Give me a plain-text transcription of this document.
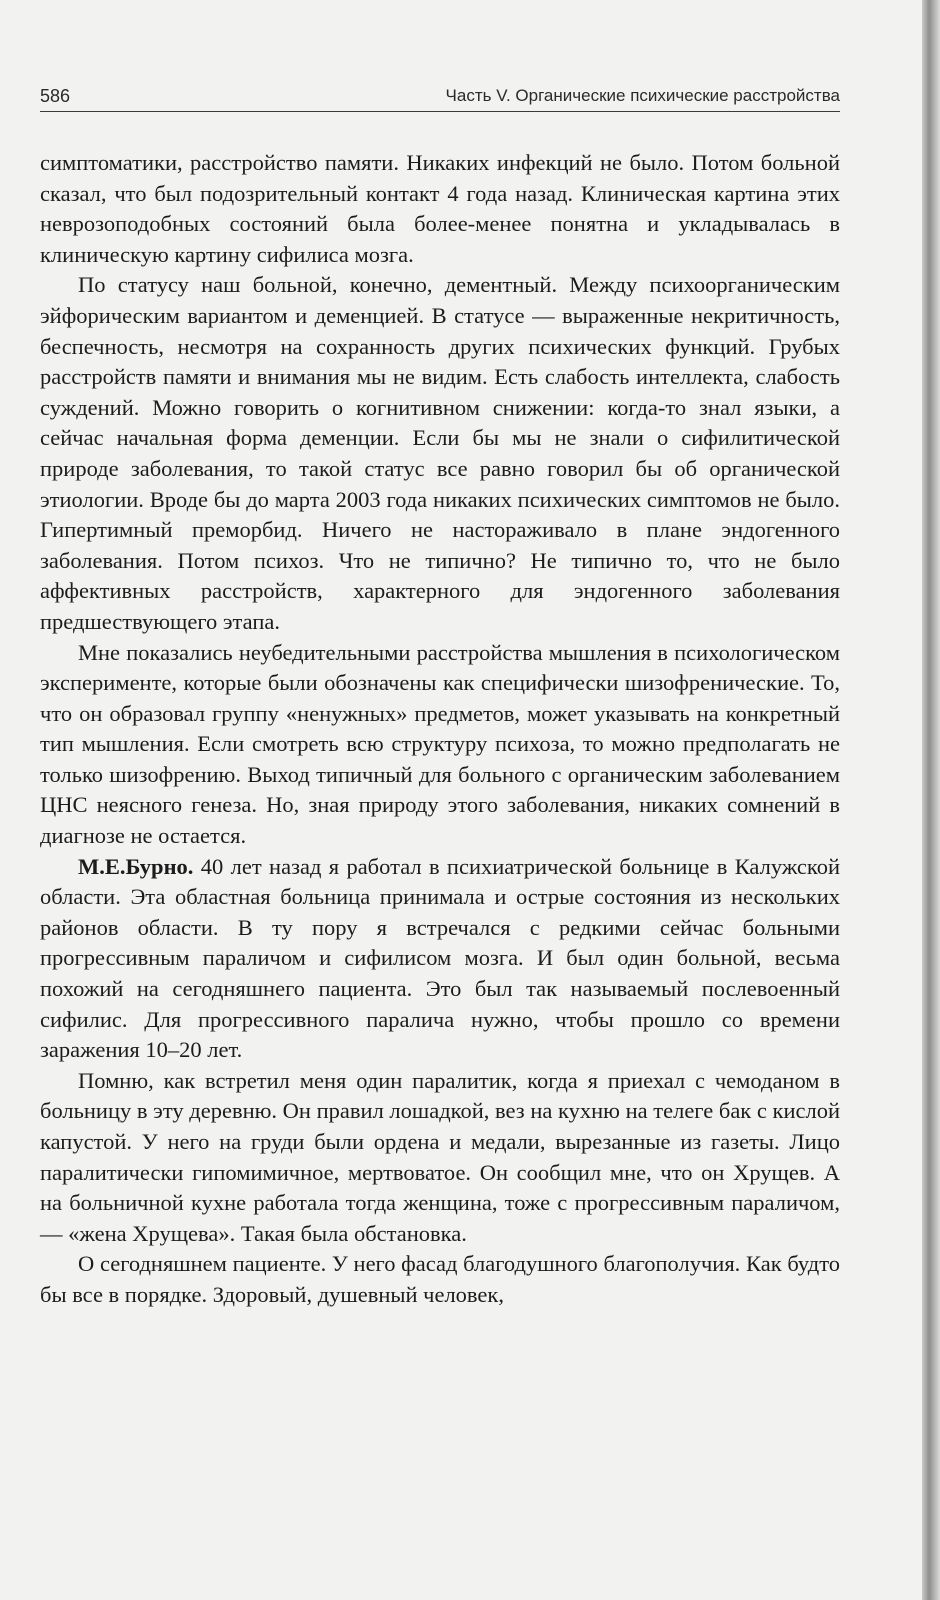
586	Часть V. Органические психические расстройства

симптоматики, расстройство памяти. Никаких инфекций не было. Потом больной сказал, что был подозрительный контакт 4 года назад. Клиническая картина этих неврозоподобных состояний была более-менее понятна и укладывалась в клиническую картину сифилиса мозга.

По статусу наш больной, конечно, дементный. Между психоорганическим эйфорическим вариантом и деменцией. В статусе — выраженные некритичность, беспечность, несмотря на сохранность других психических функций. Грубых расстройств памяти и внимания мы не видим. Есть слабость интеллекта, слабость суждений. Можно говорить о когнитивном снижении: когда-то знал языки, а сейчас начальная форма деменции. Если бы мы не знали о сифилитической природе заболевания, то такой статус все равно говорил бы об органической этиологии. Вроде бы до марта 2003 года никаких психических симптомов не было. Гипертимный преморбид. Ничего не настораживало в плане эндогенного заболевания. Потом психоз. Что не типично? Не типично то, что не было аффективных расстройств, характерного для эндогенного заболевания предшествующего этапа.

Мне показались неубедительными расстройства мышления в психологическом эксперименте, которые были обозначены как специфически шизофренические. То, что он образовал группу «ненужных» предметов, может указывать на конкретный тип мышления. Если смотреть всю структуру психоза, то можно предполагать не только шизофрению. Выход типичный для больного с органическим заболеванием ЦНС неясного генеза. Но, зная природу этого заболевания, никаких сомнений в диагнозе не остается.

М.Е.Бурно. 40 лет назад я работал в психиатрической больнице в Калужской области. Эта областная больница принимала и острые состояния из нескольких районов области. В ту пору я встречался с редкими сейчас больными прогрессивным параличом и сифилисом мозга. И был один больной, весьма похожий на сегодняшнего пациента. Это был так называемый послевоенный сифилис. Для прогрессивного паралича нужно, чтобы прошло со времени заражения 10–20 лет.

Помню, как встретил меня один паралитик, когда я приехал с чемоданом в больницу в эту деревню. Он правил лошадкой, вез на кухню на телеге бак с кислой капустой. У него на груди были ордена и медали, вырезанные из газеты. Лицо паралитически гипомимичное, мертвоватое. Он сообщил мне, что он Хрущев. А на больничной кухне работала тогда женщина, тоже с прогрессивным параличом, — «жена Хрущева». Такая была обстановка.

О сегодняшнем пациенте. У него фасад благодушного благополучия. Как будто бы все в порядке. Здоровый, душевный человек,
